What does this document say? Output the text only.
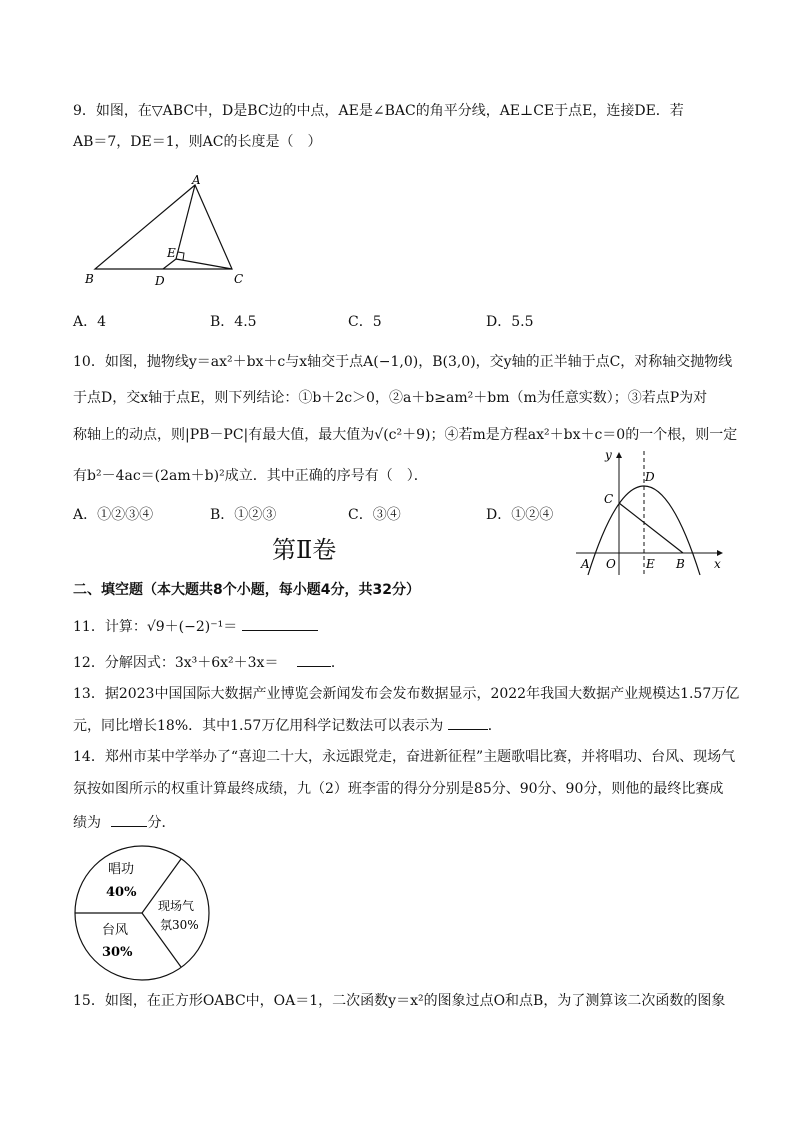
9．如图，在▽ABC中，D是BC边的中点，AE是∠BAC的角平分线，AE⊥CE于点E，连接DE．若
AB＝7，DE＝1，则AC的长度是（　）
A
B	C
D
E
A．4	B．4.5	C．5	D．5.5
10．如图，抛物线y＝ax²＋bx＋c与x轴交于点A(−1,0)，B(3,0)，交y轴的正半轴于点C，对称轴交抛物线
于点D，交x轴于点E，则下列结论：①b＋2c＞0，②a＋b≥am²＋bm（m为任意实数）；③若点P为对
称轴上的动点，则|PB－PC|有最大值，最大值为√(c²＋9)；④若m是方程ax²＋bx＋c＝0的一个根，则一定
有b²－4ac＝(2am＋b)²成立．其中正确的序号有（　）．
A．①②③④	B．①②③	C．③④	D．①②④
y
x
A O	E B
C
D
第Ⅱ卷
二、填空题（本大题共8个小题，每小题4分，共32分）
11．计算：√9＋(−2)⁻¹＝
12．分解因式：3x³＋6x²＋3x＝	．
13．据2023中国国际大数据产业博览会新闻发布会发布数据显示，2022年我国大数据产业规模达1.57万亿
元，同比增长18%．其中1.57万亿用科学记数法可以表示为	．
14．郑州市某中学举办了“喜迎二十大，永远跟党走，奋进新征程”主题歌唱比赛，并将唱功、台风、现场气
氛按如图所示的权重计算最终成绩，九（2）班李雷的得分分别是85分、90分、90分，则他的最终比赛成
绩为	分．
唱功
40%
现场气
氛30%
台风
30%
15．如图，在正方形OABC中，OA＝1，二次函数y＝x²的图象过点O和点B，为了测算该二次函数的图象
